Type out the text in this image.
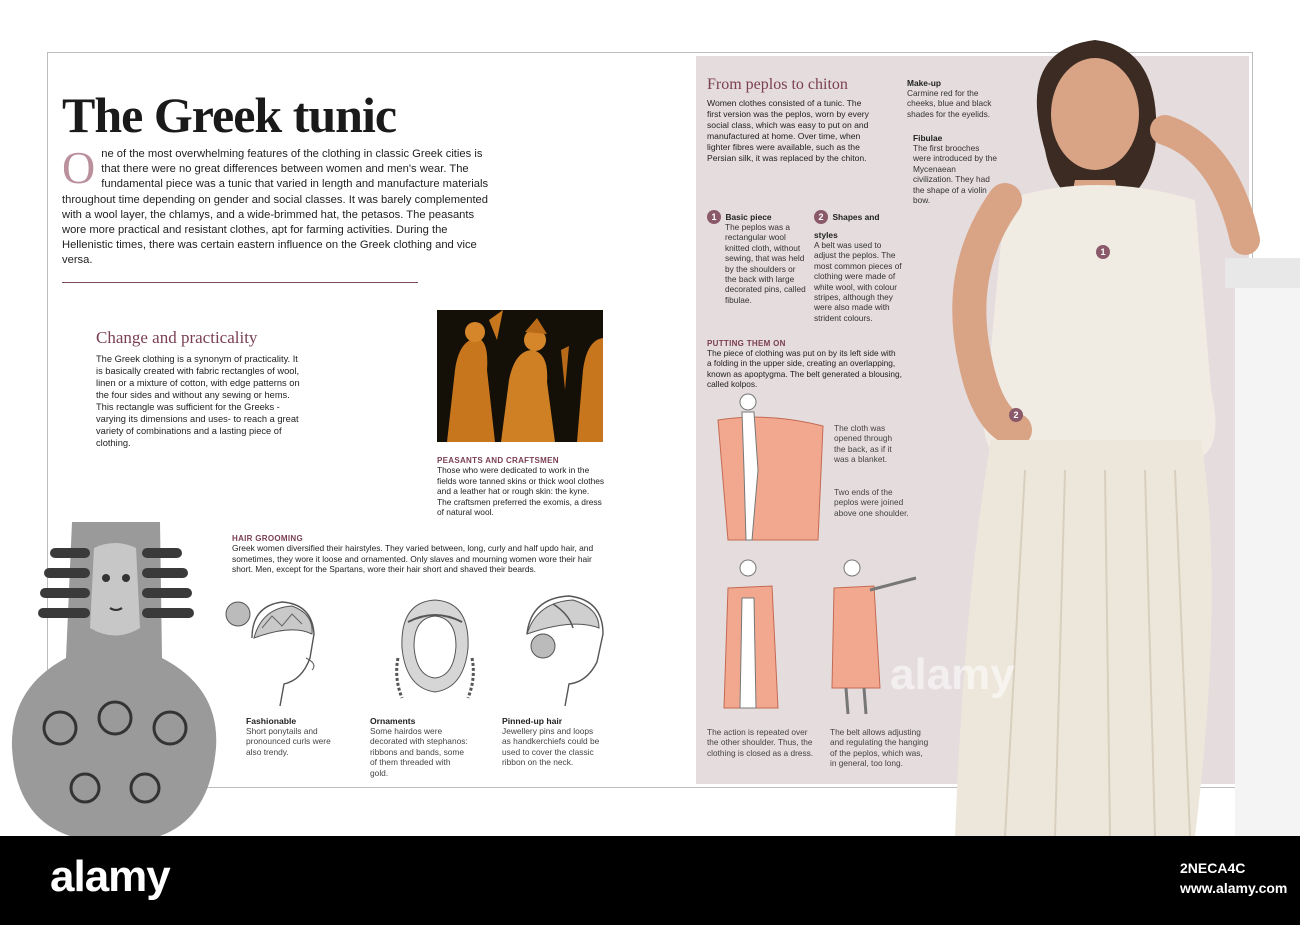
The Greek tunic
One of the most overwhelming features of the clothing in classic Greek cities is that there were no great differences between women and men's wear. The fundamental piece was a tunic that varied in length and manufacture materials throughout time depending on gender and social classes. It was barely complemented with a wool layer, the chlamys, and a wide-brimmed hat, the petasos. The peasants wore more practical and resistant clothes, apt for farming activities. During the Hellenistic times, there was certain eastern influence on the Greek clothing and vice versa.
Change and practicality
The Greek clothing is a synonym of practicality. It is basically created with fabric rectangles of wool, linen or a mixture of cotton, with edge patterns on the four sides and without any sewing or hems. This rectangle was sufficient for the Greeks -varying its dimensions and uses- to reach a great variety of combinations and a lasting piece of clothing.
PEASANTS AND CRAFTSMEN
Those who were dedicated to work in the fields wore tanned skins or thick wool clothes and a leather hat or rough skin: the kyne. The craftsmen preferred the exomis, a dress of natural wool.
HAIR GROOMING
Greek women diversified their hairstyles. They varied between, long, curly and half updo hair, and sometimes, they wore it loose and ornamented. Only slaves and mourning women wore their hair short. Men, except for the Spartans, wore their hair short and shaved their beards.
Fashionable
Short ponytails and pronounced curls were also trendy.
Ornaments
Some hairdos were decorated with stephanos: ribbons and bands, some of them threaded with gold.
Pinned-up hair
Jewellery pins and loops as handkerchiefs could be used to cover the classic ribbon on the neck.
From peplos to chiton
Women clothes consisted of a tunic. The first version was the peplos, worn by every social class, which was easy to put on and manufactured at home. Over time, when lighter fibres were available, such as the Persian silk, it was replaced by the chiton.
1 Basic piece
The peplos was a rectangular wool knitted cloth, without sewing, that was held by the shoulders or the back with large decorated pins, called fibulae.
2 Shapes and styles
A belt was used to adjust the peplos. The most common pieces of clothing were made of white wool, with colour stripes, although they were also made with strident colours.
Make-up
Carmine red for the cheeks, blue and black shades for the eyelids.
Fibulae
The first brooches were introduced by the Mycenaean civilization. They had the shape of a violin bow.
PUTTING THEM ON
The piece of clothing was put on by its left side with a folding in the upper side, creating an overlapping, known as apoptygma. The belt generated a blousing, called kolpos.
The cloth was opened through the back, as if it was a blanket.
Two ends of the peplos were joined above one shoulder.
The action is repeated over the other shoulder. Thus, the clothing is closed as a dress.
The belt allows adjusting and regulating the hanging of the peplos, which was, in general, too long.
1
2
alamy
alamy	2NECA4C
www.alamy.com
